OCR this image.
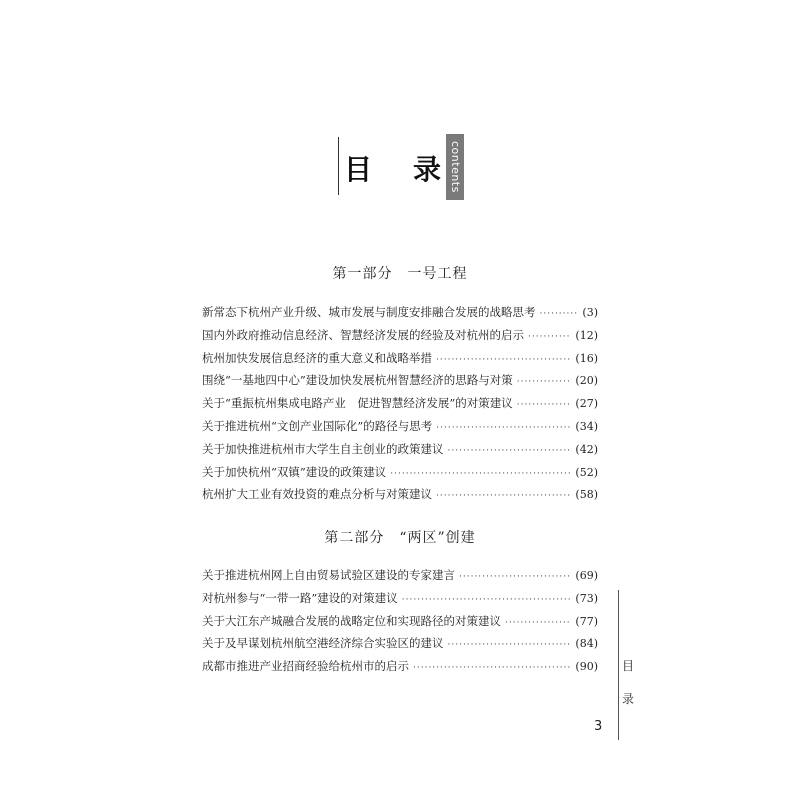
目 录 contents
第一部分　一号工程
新常态下杭州产业升级、城市发展与制度安排融合发展的战略思考 ·····	(3)
国内外政府推动信息经济、智慧经济发展的经验及对杭州的启示 ·····	(12)
杭州加快发展信息经济的重大意义和战略举措 ·····	(16)
围绕“一基地四中心”建设加快发展杭州智慧经济的思路与对策 ·····	(20)
关于“重振杭州集成电路产业　促进智慧经济发展”的对策建议 ·····	(27)
关于推进杭州“文创产业国际化”的路径与思考 ·····	(34)
关于加快推进杭州市大学生自主创业的政策建议 ·····	(42)
关于加快杭州“双镇”建设的政策建议 ·····	(52)
杭州扩大工业有效投资的难点分析与对策建议 ·····	(58)
第二部分　“两区”创建
关于推进杭州网上自由贸易试验区建设的专家建言 ·····	(69)
对杭州参与“一带一路”建设的对策建议 ·····	(73)
关于大江东产城融合发展的战略定位和实现路径的对策建议 ·····	(77)
关于及早谋划杭州航空港经济综合实验区的建议 ·····	(84)
成都市推进产业招商经验给杭州市的启示 ·····	(90) 目
录
3
